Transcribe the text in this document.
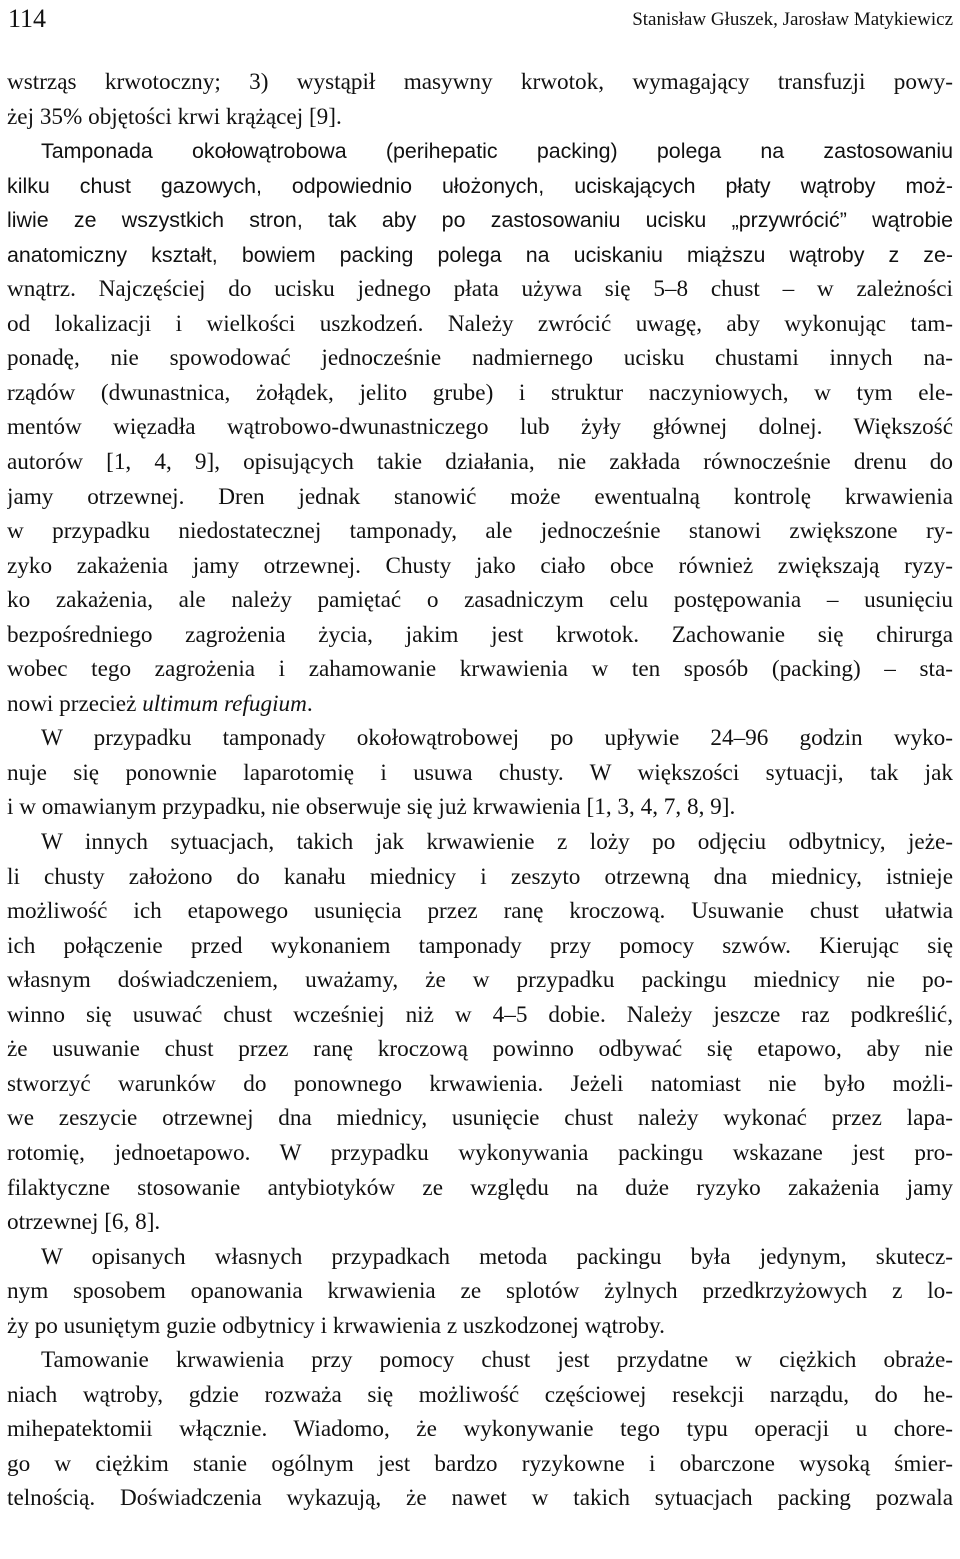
114	Stanisław Głuszek, Jarosław Matykiewicz
wstrząs krwotoczny; 3) wystąpił masywny krwotok, wymagający transfuzji powy-
żej 35% objętości krwi krążącej [9].
Tamponada okołowątrobowa (perihepatic packing) polega na zastosowaniu
kilku chust gazowych, odpowiednio ułożonych, uciskających płaty wątroby moż-
liwie ze wszystkich stron, tak aby po zastosowaniu ucisku „przywrócić” wątrobie
anatomiczny kształt, bowiem packing polega na uciskaniu miąższu wątroby z ze-
wnątrz. Najczęściej do ucisku jednego płata używa się 5–8 chust – w zależności
od lokalizacji i wielkości uszkodzeń. Należy zwrócić uwagę, aby wykonując tam-
ponadę, nie spowodować jednocześnie nadmiernego ucisku chustami innych na-
rządów (dwunastnica, żołądek, jelito grube) i struktur naczyniowych, w tym ele-
mentów więzadła wątrobowo-dwunastniczego lub żyły głównej dolnej. Większość
autorów [1, 4, 9], opisujących takie działania, nie zakłada równocześnie drenu do
jamy otrzewnej. Dren jednak stanowić może ewentualną kontrolę krwawienia
w przypadku niedostatecznej tamponady, ale jednocześnie stanowi zwiększone ry-
zyko zakażenia jamy otrzewnej. Chusty jako ciało obce również zwiększają ryzy-
ko zakażenia, ale należy pamiętać o zasadniczym celu postępowania – usunięciu
bezpośredniego zagrożenia życia, jakim jest krwotok. Zachowanie się chirurga
wobec tego zagrożenia i zahamowanie krwawienia w ten sposób (packing) – sta-
nowi przecież ultimum refugium.
W przypadku tamponady okołowątrobowej po upływie 24–96 godzin wyko-
nuje się ponownie laparotomię i usuwa chusty. W większości sytuacji, tak jak
i w omawianym przypadku, nie obserwuje się już krwawienia [1, 3, 4, 7, 8, 9].
W innych sytuacjach, takich jak krwawienie z loży po odjęciu odbytnicy, jeże-
li chusty założono do kanału miednicy i zeszyto otrzewną dna miednicy, istnieje
możliwość ich etapowego usunięcia przez ranę kroczową. Usuwanie chust ułatwia
ich połączenie przed wykonaniem tamponady przy pomocy szwów. Kierując się
własnym doświadczeniem, uważamy, że w przypadku packingu miednicy nie po-
winno się usuwać chust wcześniej niż w 4–5 dobie. Należy jeszcze raz podkreślić,
że usuwanie chust przez ranę kroczową powinno odbywać się etapowo, aby nie
stworzyć warunków do ponownego krwawienia. Jeżeli natomiast nie było możli-
we zeszycie otrzewnej dna miednicy, usunięcie chust należy wykonać przez lapa-
rotomię, jednoetapowo. W przypadku wykonywania packingu wskazane jest pro-
filaktyczne stosowanie antybiotyków ze względu na duże ryzyko zakażenia jamy
otrzewnej [6, 8].
W opisanych własnych przypadkach metoda packingu była jedynym, skutecz-
nym sposobem opanowania krwawienia ze splotów żylnych przedkrzyżowych z lo-
ży po usuniętym guzie odbytnicy i krwawienia z uszkodzonej wątroby.
Tamowanie krwawienia przy pomocy chust jest przydatne w ciężkich obraże-
niach wątroby, gdzie rozważa się możliwość częściowej resekcji narządu, do he-
mihepatektomii włącznie. Wiadomo, że wykonywanie tego typu operacji u chore-
go w ciężkim stanie ogólnym jest bardzo ryzykowne i obarczone wysoką śmier-
telnością. Doświadczenia wykazują, że nawet w takich sytuacjach packing pozwala
